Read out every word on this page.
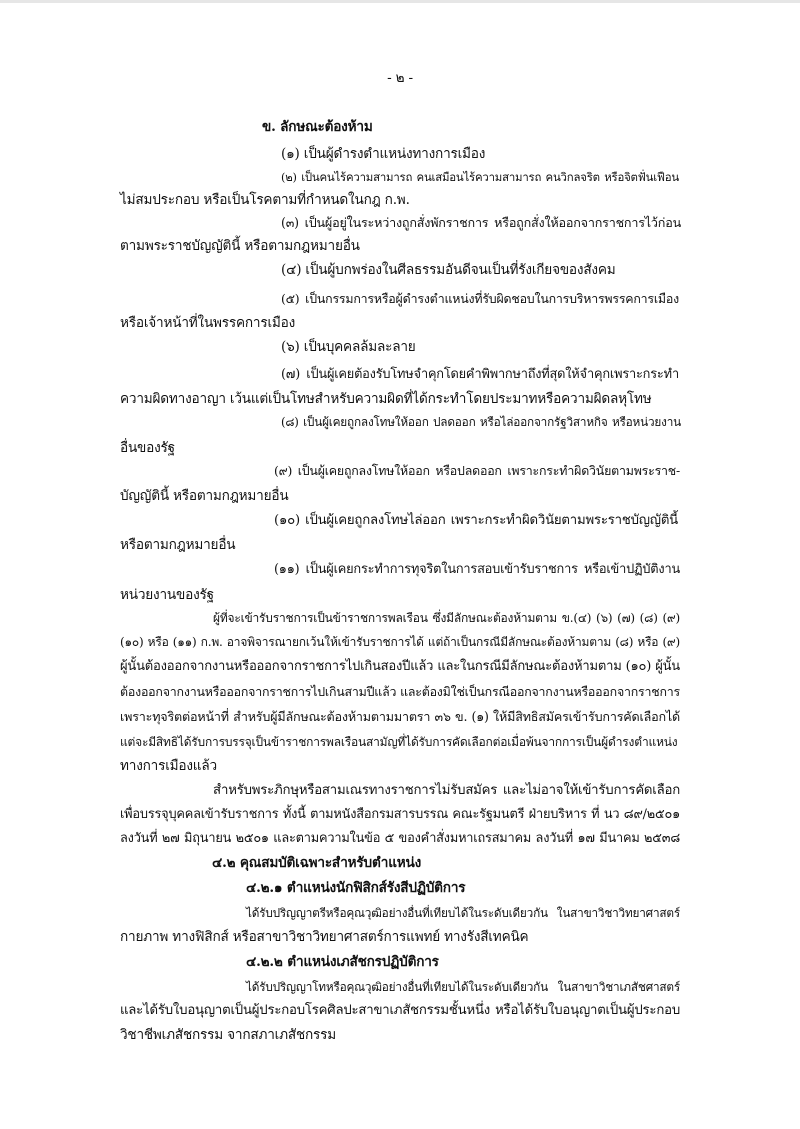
- ๒ -
ข. ลักษณะต้องห้าม
(๑) เป็นผู้ดำรงตำแหน่งทางการเมือง
(๒) เป็นคนไร้ความสามารถ คนเสมือนไร้ความสามารถ คนวิกลจริต หรือจิตฟั่นเฟือน
ไม่สมประกอบ หรือเป็นโรคตามที่กำหนดในกฎ ก.พ.
(๓) เป็นผู้อยู่ในระหว่างถูกสั่งพักราชการ หรือถูกสั่งให้ออกจากราชการไว้ก่อน
ตามพระราชบัญญัตินี้ หรือตามกฎหมายอื่น
(๔) เป็นผู้บกพร่องในศีลธรรมอันดีจนเป็นที่รังเกียจของสังคม
(๕) เป็นกรรมการหรือผู้ดำรงตำแหน่งที่รับผิดชอบในการบริหารพรรคการเมือง
หรือเจ้าหน้าที่ในพรรคการเมือง
(๖) เป็นบุคคลล้มละลาย
(๗) เป็นผู้เคยต้องรับโทษจำคุกโดยคำพิพากษาถึงที่สุดให้จำคุกเพราะกระทำ
ความผิดทางอาญา เว้นแต่เป็นโทษสำหรับความผิดที่ได้กระทำโดยประมาทหรือความผิดลหุโทษ
(๘) เป็นผู้เคยถูกลงโทษให้ออก ปลดออก หรือไล่ออกจากรัฐวิสาหกิจ หรือหน่วยงาน
อื่นของรัฐ
(๙) เป็นผู้เคยถูกลงโทษให้ออก หรือปลดออก เพราะกระทำผิดวินัยตามพระราช-
บัญญัตินี้ หรือตามกฎหมายอื่น
(๑๐) เป็นผู้เคยถูกลงโทษไล่ออก เพราะกระทำผิดวินัยตามพระราชบัญญัตินี้
หรือตามกฎหมายอื่น
(๑๑) เป็นผู้เคยกระทำการทุจริตในการสอบเข้ารับราชการ หรือเข้าปฏิบัติงาน
หน่วยงานของรัฐ
ผู้ที่จะเข้ารับราชการเป็นข้าราชการพลเรือน ซึ่งมีลักษณะต้องห้ามตาม ข.(๔) (๖) (๗) (๘) (๙)
(๑๐) หรือ (๑๑) ก.พ. อาจพิจารณายกเว้นให้เข้ารับราชการได้ แต่ถ้าเป็นกรณีมีลักษณะต้องห้ามตาม (๘) หรือ (๙)
ผู้นั้นต้องออกจากงานหรือออกจากราชการไปเกินสองปีแล้ว และในกรณีมีลักษณะต้องห้ามตาม (๑๐) ผู้นั้น
ต้องออกจากงานหรือออกจากราชการไปเกินสามปีแล้ว และต้องมิใช่เป็นกรณีออกจากงานหรือออกจากราชการ
เพราะทุจริตต่อหน้าที่ สำหรับผู้มีลักษณะต้องห้ามตามมาตรา ๓๖ ข. (๑) ให้มีสิทธิสมัครเข้ารับการคัดเลือกได้
แต่จะมีสิทธิได้รับการบรรจุเป็นข้าราชการพลเรือนสามัญที่ได้รับการคัดเลือกต่อเมื่อพ้นจากการเป็นผู้ดำรงตำแหน่ง
ทางการเมืองแล้ว
สำหรับพระภิกษุหรือสามเณรทางราชการไม่รับสมัคร และไม่อาจให้เข้ารับการคัดเลือก
เพื่อบรรจุบุคคลเข้ารับราชการ ทั้งนี้ ตามหนังสือกรมสารบรรณ คณะรัฐมนตรี ฝ่ายบริหาร ที่ นว ๘๙/๒๕๐๑
ลงวันที่ ๒๗ มิถุนายน ๒๕๐๑ และตามความในข้อ ๕ ของคำสั่งมหาเถรสมาคม ลงวันที่ ๑๗ มีนาคม ๒๕๓๘
๔.๒ คุณสมบัติเฉพาะสำหรับตำแหน่ง
๔.๒.๑ ตำแหน่งนักฟิสิกส์รังสีปฏิบัติการ
ได้รับปริญญาตรีหรือคุณวุฒิอย่างอื่นที่เทียบได้ในระดับเดียวกัน ในสาขาวิชาวิทยาศาสตร์
กายภาพ ทางฟิสิกส์ หรือสาขาวิชาวิทยาศาสตร์การแพทย์ ทางรังสีเทคนิค
๔.๒.๒ ตำแหน่งเภสัชกรปฏิบัติการ
ได้รับปริญญาโทหรือคุณวุฒิอย่างอื่นที่เทียบได้ในระดับเดียวกัน ในสาขาวิชาเภสัชศาสตร์
และได้รับใบอนุญาตเป็นผู้ประกอบโรคศิลปะสาขาเภสัชกรรมชั้นหนึ่ง หรือได้รับใบอนุญาตเป็นผู้ประกอบ
วิชาชีพเภสัชกรรม จากสภาเภสัชกรรม
